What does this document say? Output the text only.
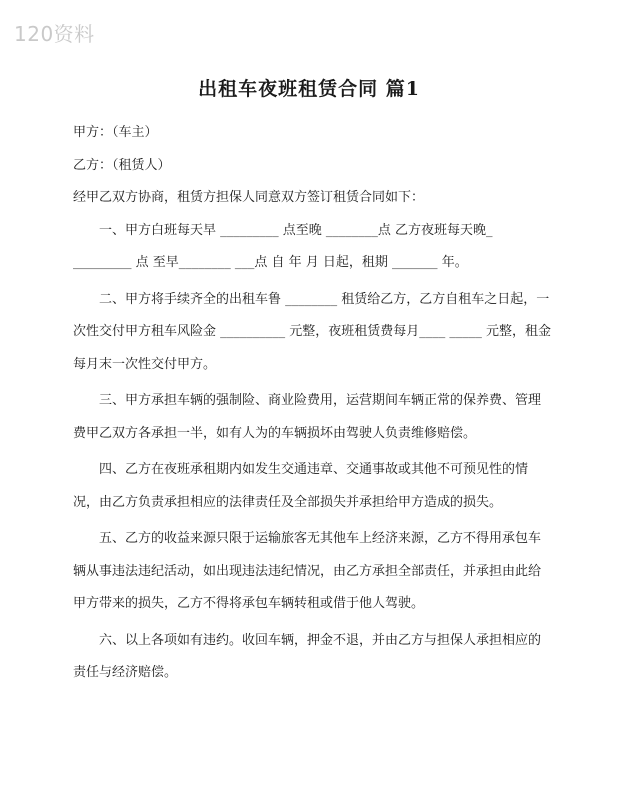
120资料
出租车夜班租赁合同 篇1

甲方：（车主）

乙方：（租赁人）

经甲乙双方协商，租赁方担保人同意双方签订租赁合同如下：

一、甲方白班每天早 _________ 点至晚 ________点 乙方夜班每天晚_ _________ 点 至早________ ___点 自 年 月 日起，租期 _______ 年。

二、甲方将手续齐全的出租车鲁 ________ 租赁给乙方，乙方自租车之日起，一次性交付甲方租车风险金 __________ 元整，夜班租赁费每月____ _____ 元整，租金每月末一次性交付甲方。

三、甲方承担车辆的强制险、商业险费用，运营期间车辆正常的保养费、管理费甲乙双方各承担一半，如有人为的车辆损坏由驾驶人负责维修赔偿。

四、乙方在夜班承租期内如发生交通违章、交通事故或其他不可预见性的情况，由乙方负责承担相应的法律责任及全部损失并承担给甲方造成的损失。

五、乙方的收益来源只限于运输旅客无其他车上经济来源，乙方不得用承包车辆从事违法违纪活动，如出现违法违纪情况，由乙方承担全部责任，并承担由此给甲方带来的损失，乙方不得将承包车辆转租或借于他人驾驶。

六、以上各项如有违约。收回车辆，押金不退，并由乙方与担保人承担相应的责任与经济赔偿。
